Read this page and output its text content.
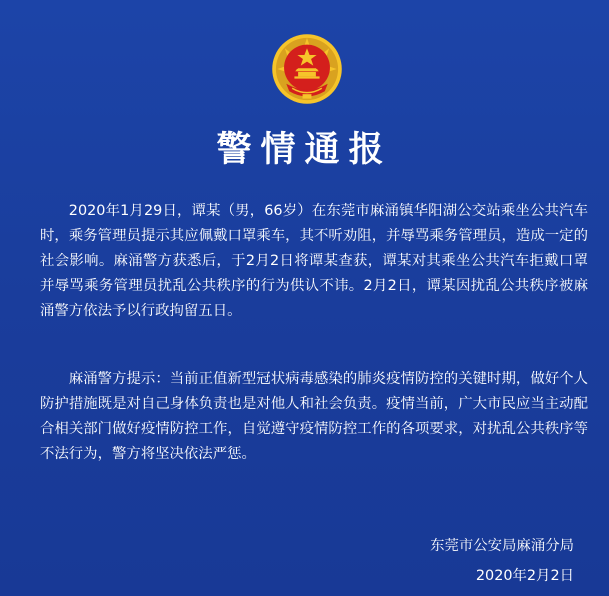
警情通报

2020年1月29日，谭某（男，66岁）在东莞市麻涌镇华阳湖公交站乘坐公共汽车时，乘务管理员提示其应佩戴口罩乘车，其不听劝阻，并辱骂乘务管理员，造成一定的社会影响。麻涌警方获悉后，于2月2日将谭某查获，谭某对其乘坐公共汽车拒戴口罩并辱骂乘务管理员扰乱公共秩序的行为供认不讳。2月2日，谭某因扰乱公共秩序被麻涌警方依法予以行政拘留五日。

麻涌警方提示：当前正值新型冠状病毒感染的肺炎疫情防控的关键时期，做好个人防护措施既是对自己身体负责也是对他人和社会负责。疫情当前，广大市民应当主动配合相关部门做好疫情防控工作，自觉遵守疫情防控工作的各项要求，对扰乱公共秩序等不法行为，警方将坚决依法严惩。

东莞市公安局麻涌分局
2020年2月2日
